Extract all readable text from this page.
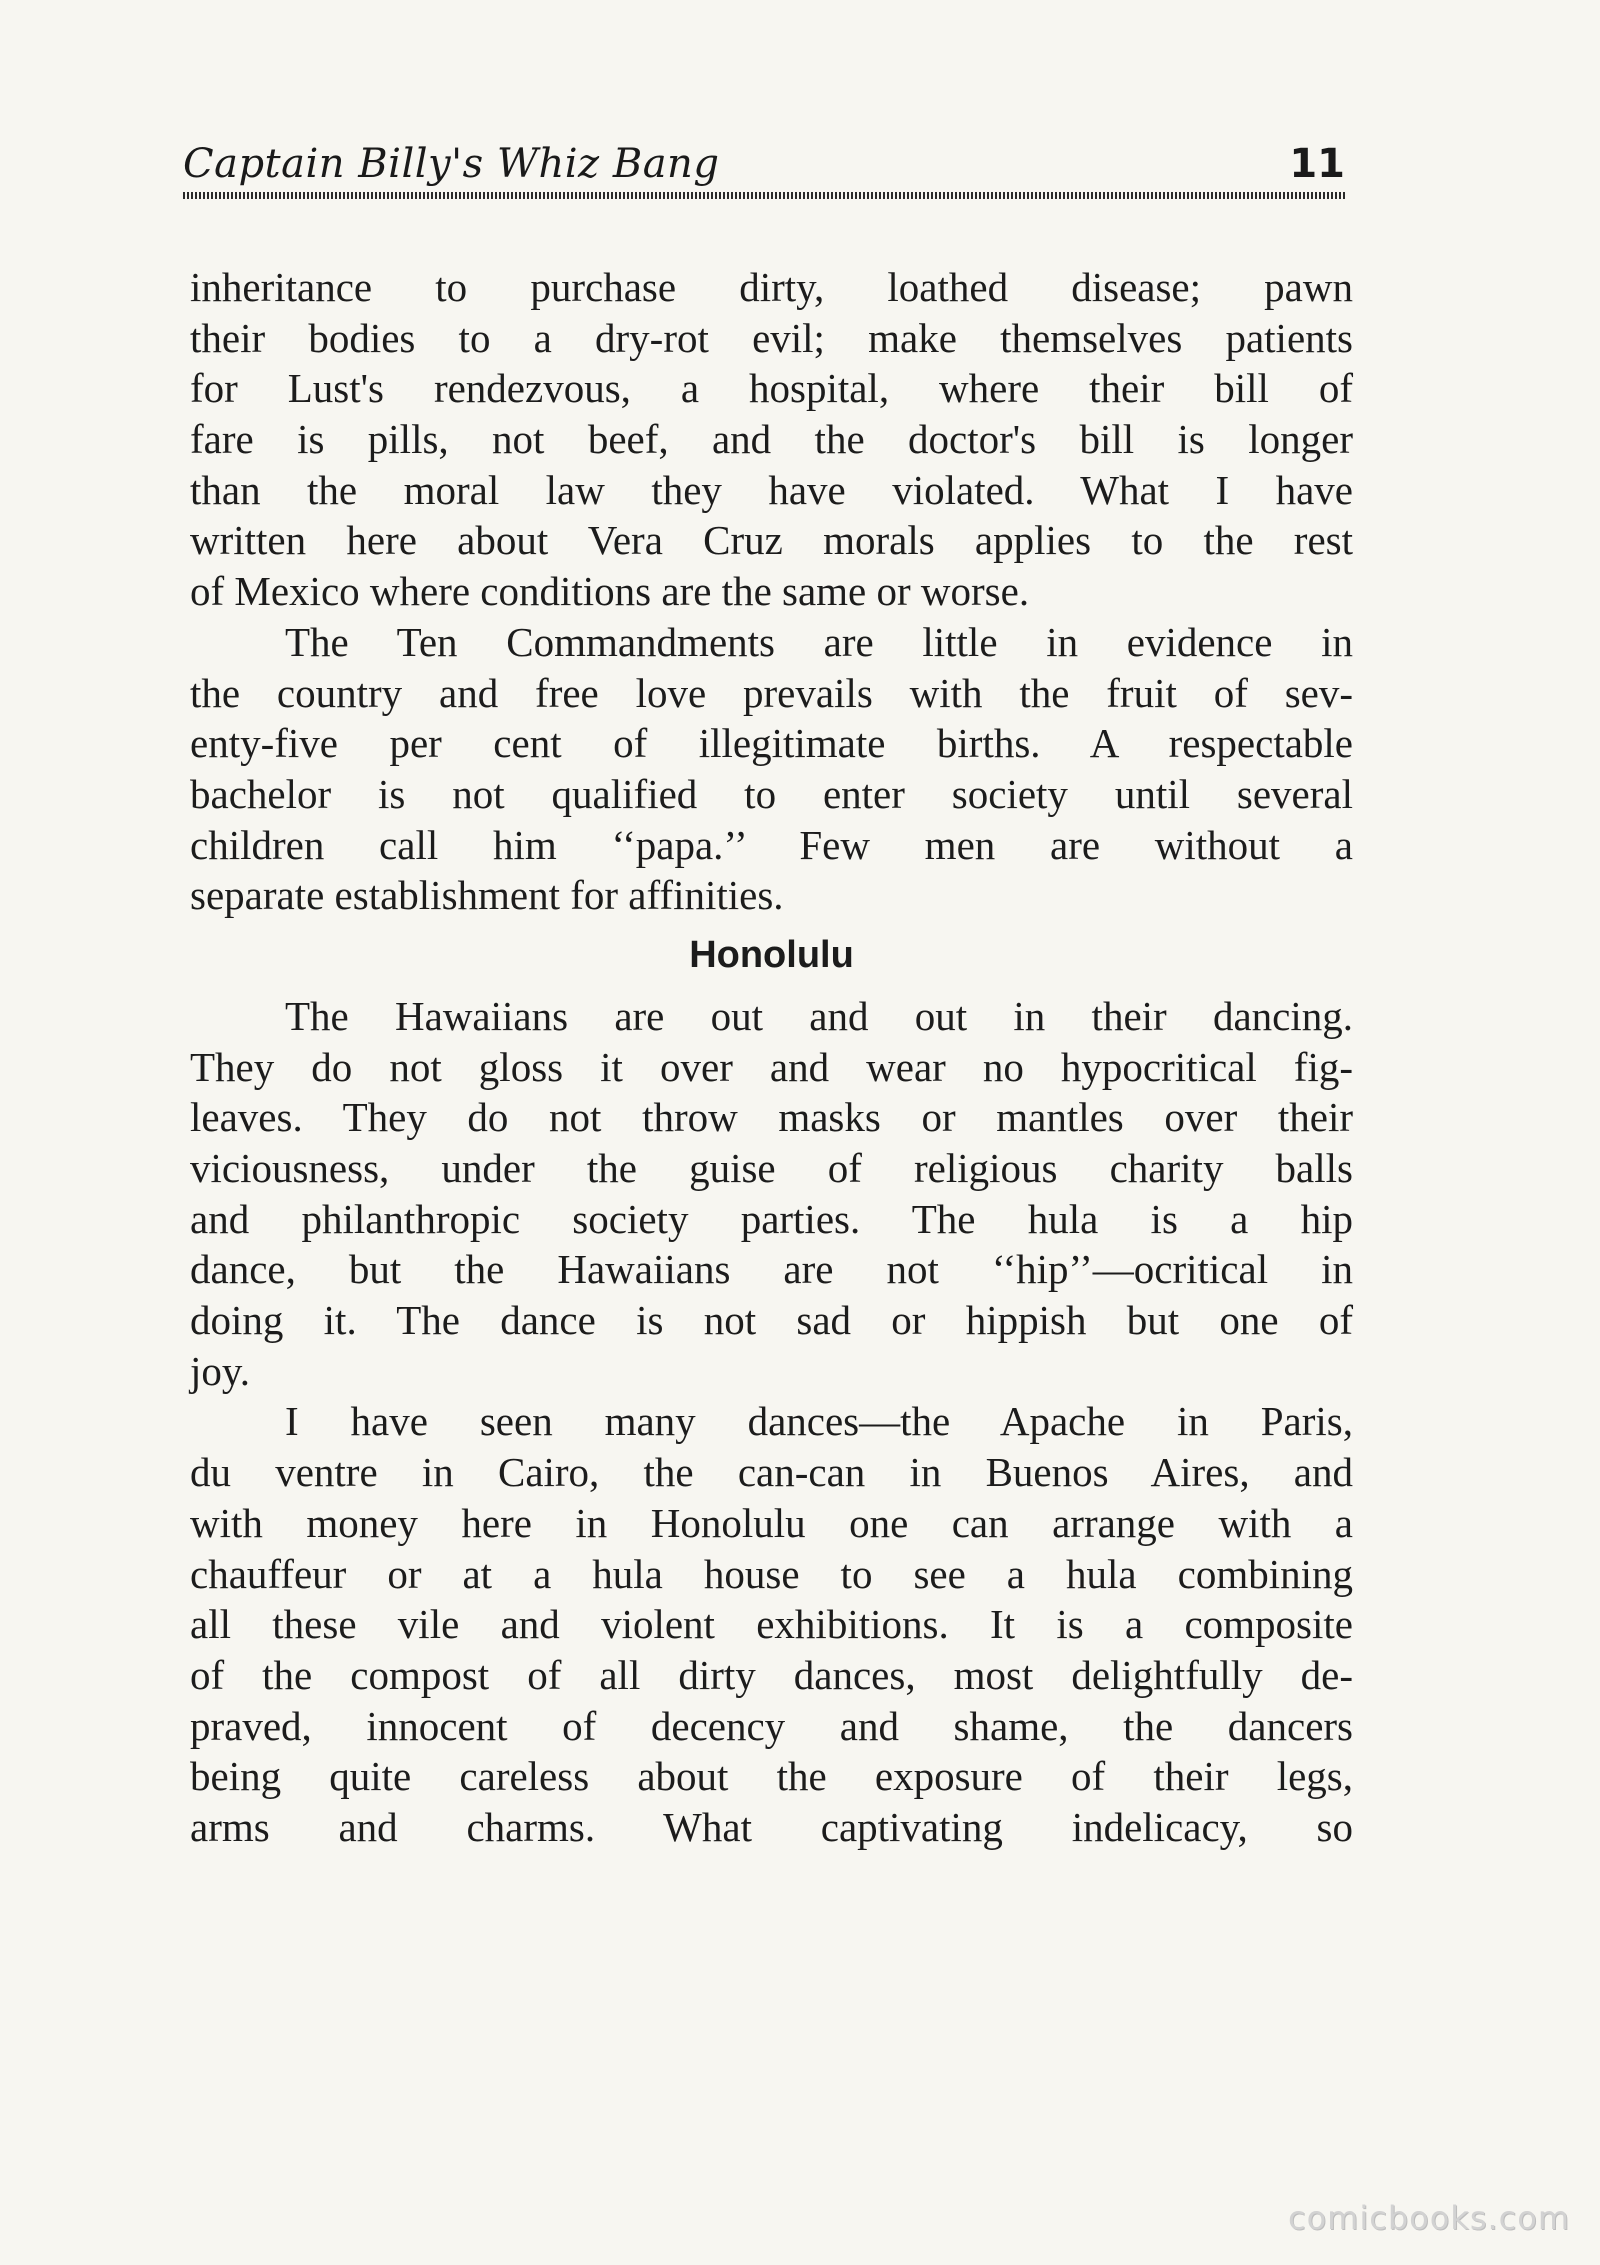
Captain Billy's Whiz Bang	11
inheritance to purchase dirty, loathed disease; pawn
their bodies to a dry-rot evil; make themselves patients
for Lust's rendezvous, a hospital, where their bill of
fare is pills, not beef, and the doctor's bill is longer
than the moral law they have violated. What I have
written here about Vera Cruz morals applies to the rest
of Mexico where conditions are the same or worse.
The Ten Commandments are little in evidence in
the country and free love prevails with the fruit of sev-
enty-five per cent of illegitimate births. A respectable
bachelor is not qualified to enter society until several
children call him ‘‘papa.’’ Few men are without a
separate establishment for affinities.
Honolulu
The Hawaiians are out and out in their dancing.
They do not gloss it over and wear no hypocritical fig-
leaves. They do not throw masks or mantles over their
viciousness, under the guise of religious charity balls
and philanthropic society parties. The hula is a hip
dance, but the Hawaiians are not ‘‘hip’’—ocritical in
doing it. The dance is not sad or hippish but one of
joy.
I have seen many dances—the Apache in Paris,
du ventre in Cairo, the can-can in Buenos Aires, and
with money here in Honolulu one can arrange with a
chauffeur or at a hula house to see a hula combining
all these vile and violent exhibitions. It is a composite
of the compost of all dirty dances, most delightfully de-
praved, innocent of decency and shame, the dancers
being quite careless about the exposure of their legs,
arms and charms. What captivating indelicacy, so
comicbooks.com
